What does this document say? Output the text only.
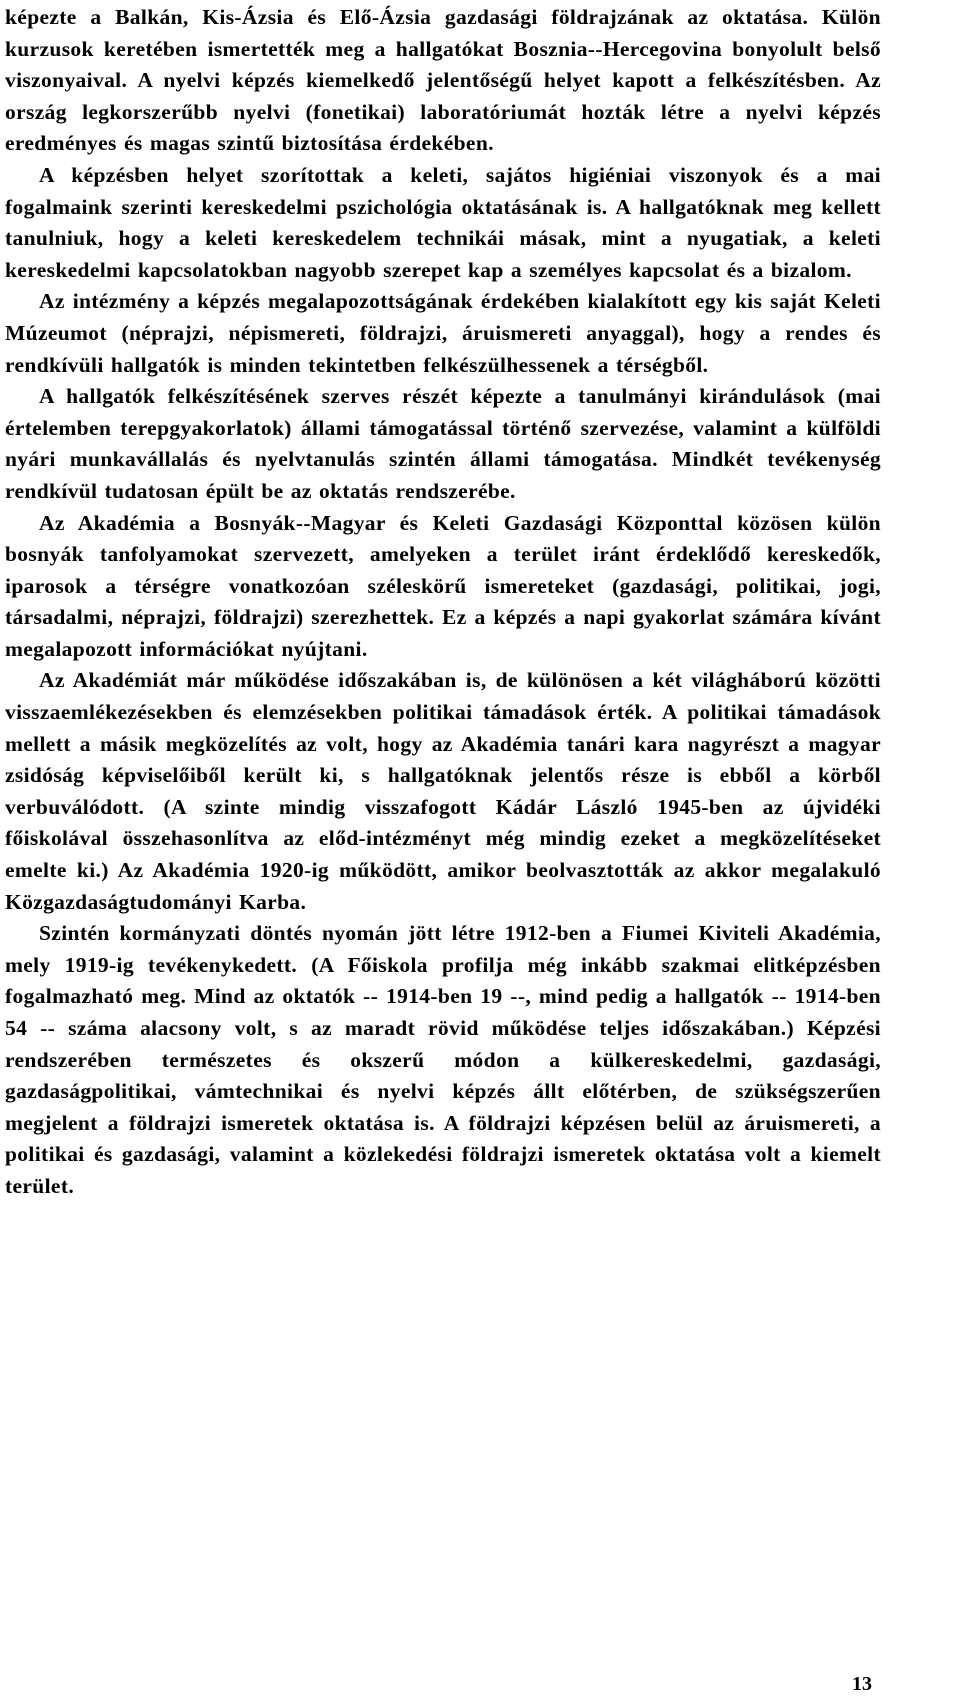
képezte a Balkán, Kis-Ázsia és Elő-Ázsia gazdasági földrajzának az oktatása. Külön kurzusok keretében ismertették meg a hallgatókat Bosznia--Hercegovina bonyolult belső viszonyaival. A nyelvi képzés kiemelkedő jelentőségű helyet kapott a felkészítésben. Az ország legkorszerűbb nyelvi (fonetikai) laboratóriumát hozták létre a nyelvi képzés eredményes és magas szintű biztosítása érdekében.

A képzésben helyet szorítottak a keleti, sajátos higiéniai viszonyok és a mai fogalmaink szerinti kereskedelmi pszichológia oktatásának is. A hallgatóknak meg kellett tanulniuk, hogy a keleti kereskedelem technikái másak, mint a nyugatiak, a keleti kereskedelmi kapcsolatokban nagyobb szerepet kap a személyes kapcsolat és a bizalom.

Az intézmény a képzés megalapozottságának érdekében kialakított egy kis saját Keleti Múzeumot (néprajzi, népismereti, földrajzi, áruismereti anyaggal), hogy a rendes és rendkívüli hallgatók is minden tekintetben felkészülhessenek a térségből.

A hallgatók felkészítésének szerves részét képezte a tanulmányi kirándulások (mai értelemben terepgyakorlatok) állami támogatással történő szervezése, valamint a külföldi nyári munkavállalás és nyelvtanulás szintén állami támogatása. Mindkét tevékenység rendkívül tudatosan épült be az oktatás rendszerébe.

Az Akadémia a Bosnyák--Magyar és Keleti Gazdasági Központtal közösen külön bosnyák tanfolyamokat szervezett, amelyeken a terület iránt érdeklődő kereskedők, iparosok a térségre vonatkozóan széleskörű ismereteket (gazdasági, politikai, jogi, társadalmi, néprajzi, földrajzi) szerezhettek. Ez a képzés a napi gyakorlat számára kívánt megalapozott információkat nyújtani.

Az Akadémiát már működése időszakában is, de különösen a két világháború közötti visszaemlékezésekben és elemzésekben politikai támadások érték. A politikai támadások mellett a másik megközelítés az volt, hogy az Akadémia tanári kara nagyrészt a magyar zsidóság képviselőiből került ki, s hallgatóknak jelentős része is ebből a körből verbuválódott. (A szinte mindig visszafogott Kádár László 1945-ben az újvidéki főiskolával összehasonlítva az előd-intézményt még mindig ezeket a megközelítéseket emelte ki.) Az Akadémia 1920-ig működött, amikor beolvasztották az akkor megalakuló Közgazdaságtudományi Karba.

Szintén kormányzati döntés nyomán jött létre 1912-ben a Fiumei Kiviteli Akadémia, mely 1919-ig tevékenykedett. (A Főiskola profilja még inkább szakmai elitképzésben fogalmazható meg. Mind az oktatók -- 1914-ben 19 --, mind pedig a hallgatók -- 1914-ben 54 -- száma alacsony volt, s az maradt rövid működése teljes időszakában.) Képzési rendszerében természetes és okszerű módon a külkereskedelmi, gazdasági, gazdaságpolitikai, vámtechnikai és nyelvi képzés állt előtérben, de szükségszerűen megjelent a földrajzi ismeretek oktatása is. A földrajzi képzésen belül az áruismereti, a politikai és gazdasági, valamint a közlekedési földrajzi ismeretek oktatása volt a kiemelt terület.

13
